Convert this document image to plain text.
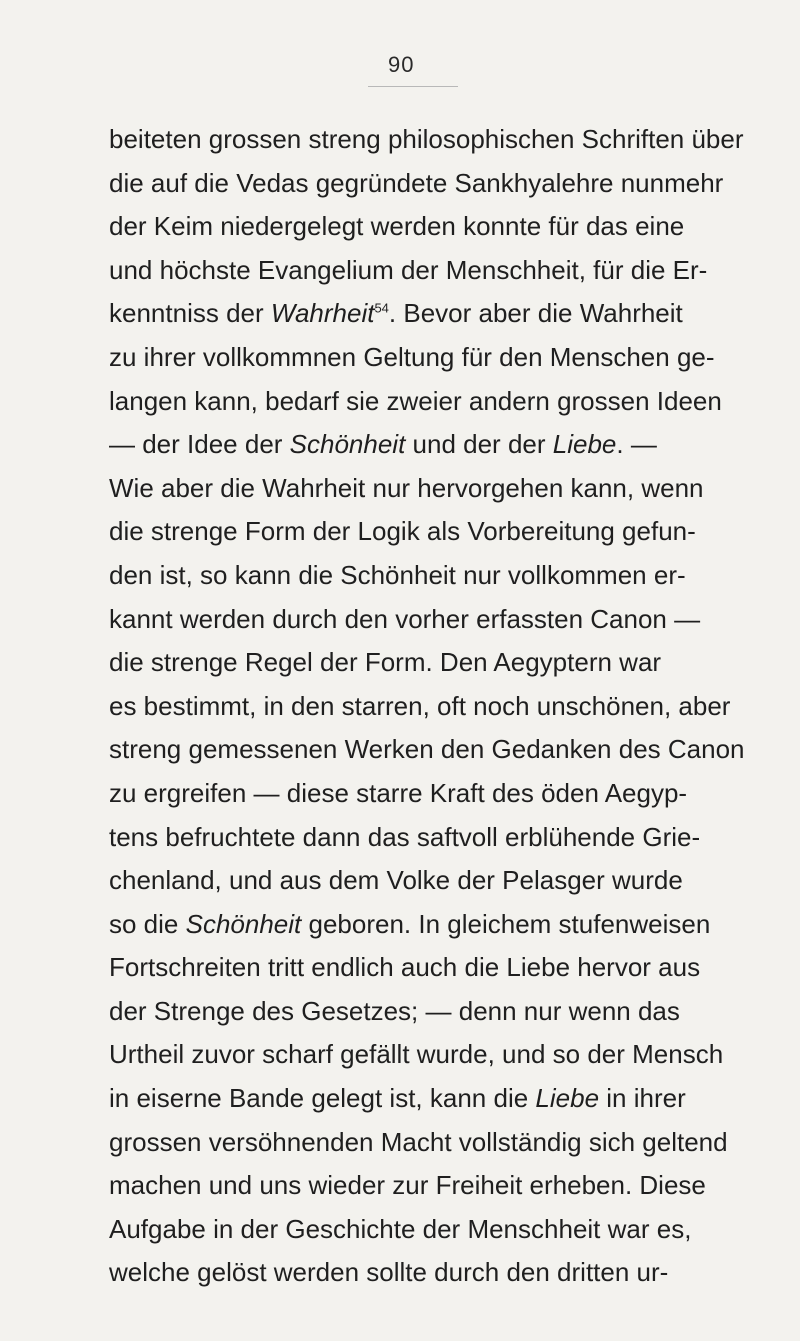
90
beiteten grossen streng philosophischen Schriften über
die auf die Vedas gegründete Sankhyalehre nunmehr
der Keim niedergelegt werden konnte für das eine
und höchste Evangelium der Menschheit, für die Er-
kenntniss der Wahrheit$^{54}$. Bevor aber die Wahrheit
zu ihrer vollkommnen Geltung für den Menschen ge-
langen kann, bedarf sie zweier andern grossen Ideen
— der Idee der Schönheit und der der Liebe. —
Wie aber die Wahrheit nur hervorgehen kann, wenn
die strenge Form der Logik als Vorbereitung gefun-
den ist, so kann die Schönheit nur vollkommen er-
kannt werden durch den vorher erfassten Canon —
die strenge Regel der Form. Den Aegyptern war
es bestimmt, in den starren, oft noch unschönen, aber
streng gemessenen Werken den Gedanken des Canon
zu ergreifen — diese starre Kraft des öden Aegyp-
tens befruchtete dann das saftvoll erblühende Grie-
chenland, und aus dem Volke der Pelasger wurde
so die Schönheit geboren. In gleichem stufenweisen
Fortschreiten tritt endlich auch die Liebe hervor aus
der Strenge des Gesetzes; — denn nur wenn das
Urtheil zuvor scharf gefällt wurde, und so der Mensch
in eiserne Bande gelegt ist, kann die Liebe in ihrer
grossen versöhnenden Macht vollständig sich geltend
machen und uns wieder zur Freiheit erheben. Diese
Aufgabe in der Geschichte der Menschheit war es,
welche gelöst werden sollte durch den dritten ur-
